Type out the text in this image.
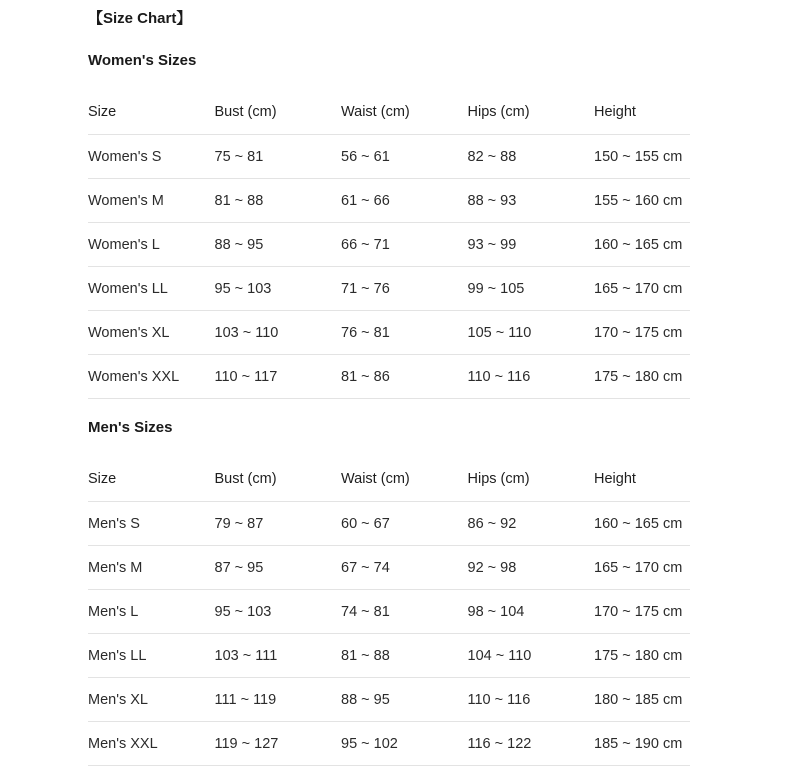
【Size Chart】
Women's Sizes
Size	Bust (cm)	Waist (cm)	Hips (cm)	Height
Women's S	75 ~ 81	56 ~ 61	82 ~ 88	150 ~ 155 cm
Women's M	81 ~ 88	61 ~ 66	88 ~ 93	155 ~ 160 cm
Women's L	88 ~ 95	66 ~ 71	93 ~ 99	160 ~ 165 cm
Women's LL	95 ~ 103	71 ~ 76	99 ~ 105	165 ~ 170 cm
Women's XL	103 ~ 110	76 ~ 81	105 ~ 110	170 ~ 175 cm
Women's XXL	110 ~ 117	81 ~ 86	110 ~ 116	175 ~ 180 cm
Men's Sizes
Size	Bust (cm)	Waist (cm)	Hips (cm)	Height
Men's S	79 ~ 87	60 ~ 67	86 ~ 92	160 ~ 165 cm
Men's M	87 ~ 95	67 ~ 74	92 ~ 98	165 ~ 170 cm
Men's L	95 ~ 103	74 ~ 81	98 ~ 104	170 ~ 175 cm
Men's LL	103 ~ 111	81 ~ 88	104 ~ 110	175 ~ 180 cm
Men's XL	111 ~ 119	88 ~ 95	110 ~ 116	180 ~ 185 cm
Men's XXL	119 ~ 127	95 ~ 102	116 ~ 122	185 ~ 190 cm
